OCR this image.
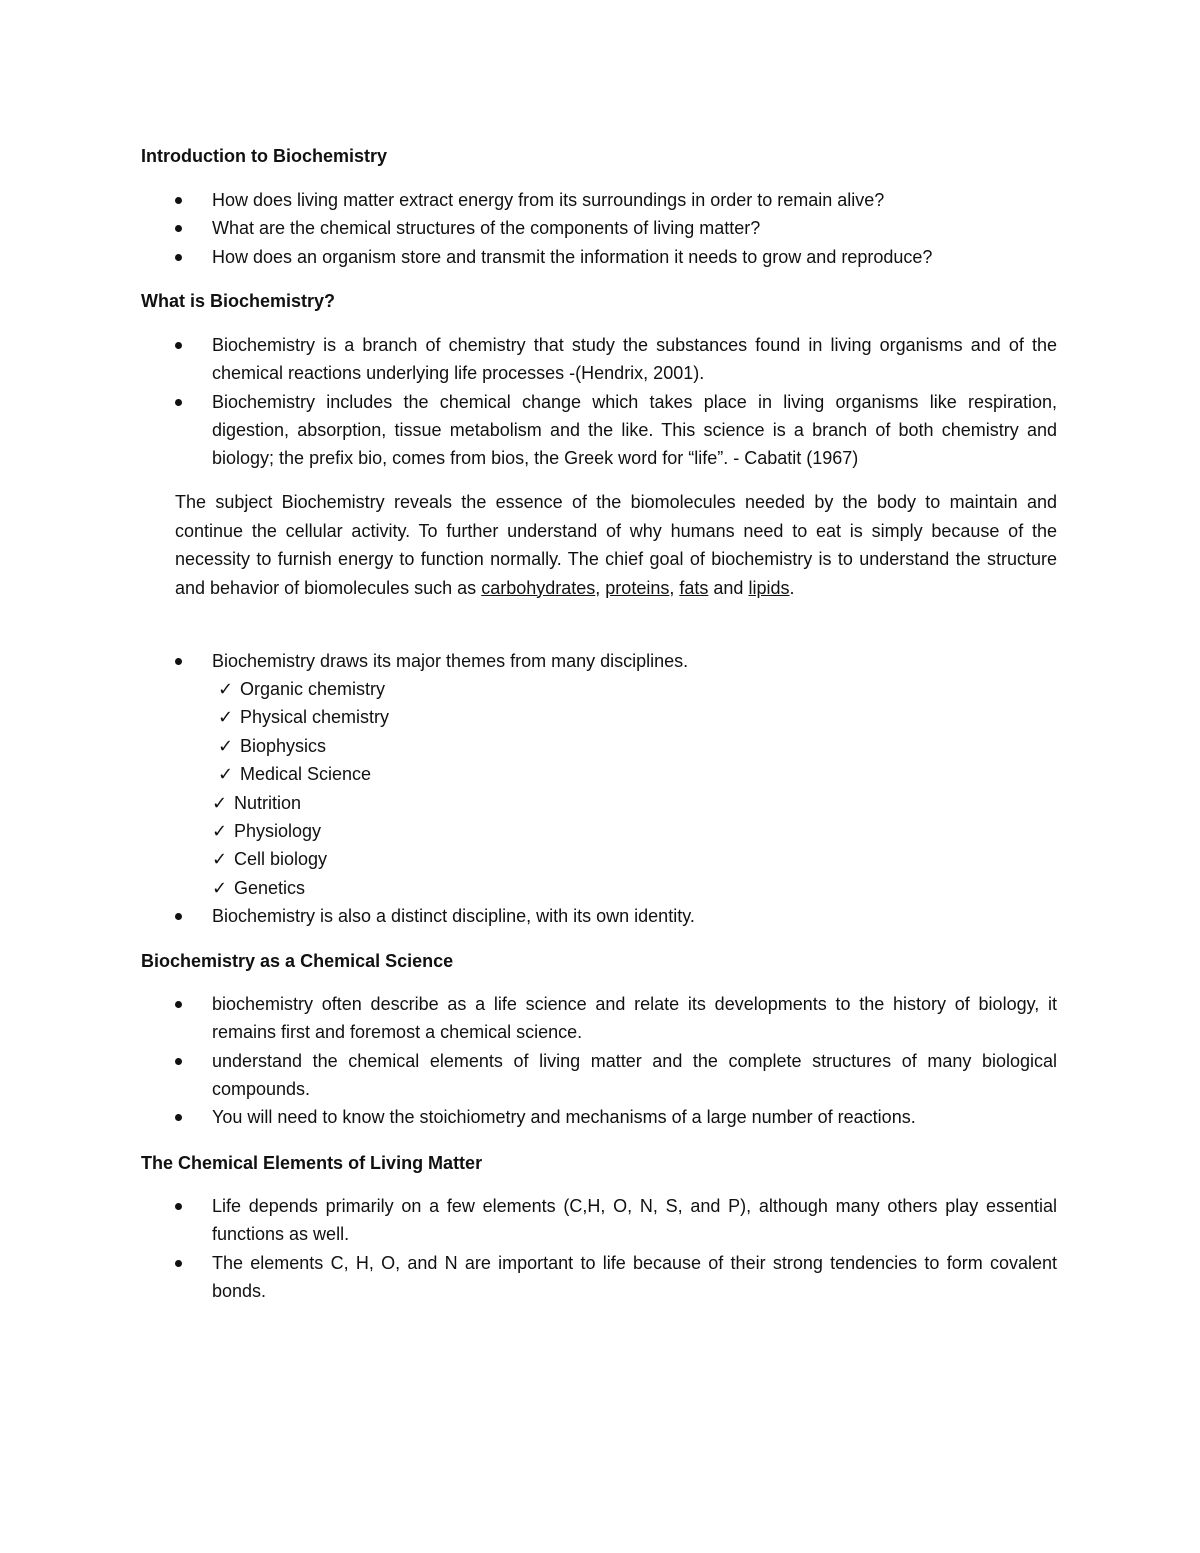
Introduction to Biochemistry
How does living matter extract energy from its surroundings in order to remain alive?
What are the chemical structures of the components of living matter?
How does an organism store and transmit the information it needs to grow and reproduce?
What is Biochemistry?
Biochemistry is a branch of chemistry that study the substances found in living organisms and of the chemical reactions underlying life processes -(Hendrix, 2001).
Biochemistry includes the chemical change which takes place in living organisms like respiration, digestion, absorption, tissue metabolism and the like. This science is a branch of both chemistry and biology; the prefix bio, comes from bios, the Greek word for “life”. - Cabatit (1967)

The subject Biochemistry reveals the essence of the biomolecules needed by the body to maintain and continue the cellular activity. To further understand of why humans need to eat is simply because of the necessity to furnish energy to function normally. The chief goal of biochemistry is to understand the structure and behavior of biomolecules such as carbohydrates, proteins, fats and lipids.

Biochemistry draws its major themes from many disciplines.
✓ Organic chemistry
✓ Physical chemistry
✓ Biophysics
✓ Medical Science
✓ Nutrition
✓ Physiology
✓ Cell biology
✓ Genetics
Biochemistry is also a distinct discipline, with its own identity.
Biochemistry as a Chemical Science
biochemistry often describe as a life science and relate its developments to the history of biology, it remains first and foremost a chemical science.
understand the chemical elements of living matter and the complete structures of many biological compounds.
You will need to know the stoichiometry and mechanisms of a large number of reactions.
The Chemical Elements of Living Matter
Life depends primarily on a few elements (C,H, O, N, S, and P), although many others play essential functions as well.
The elements C, H, O, and N are important to life because of their strong tendencies to form covalent bonds.
